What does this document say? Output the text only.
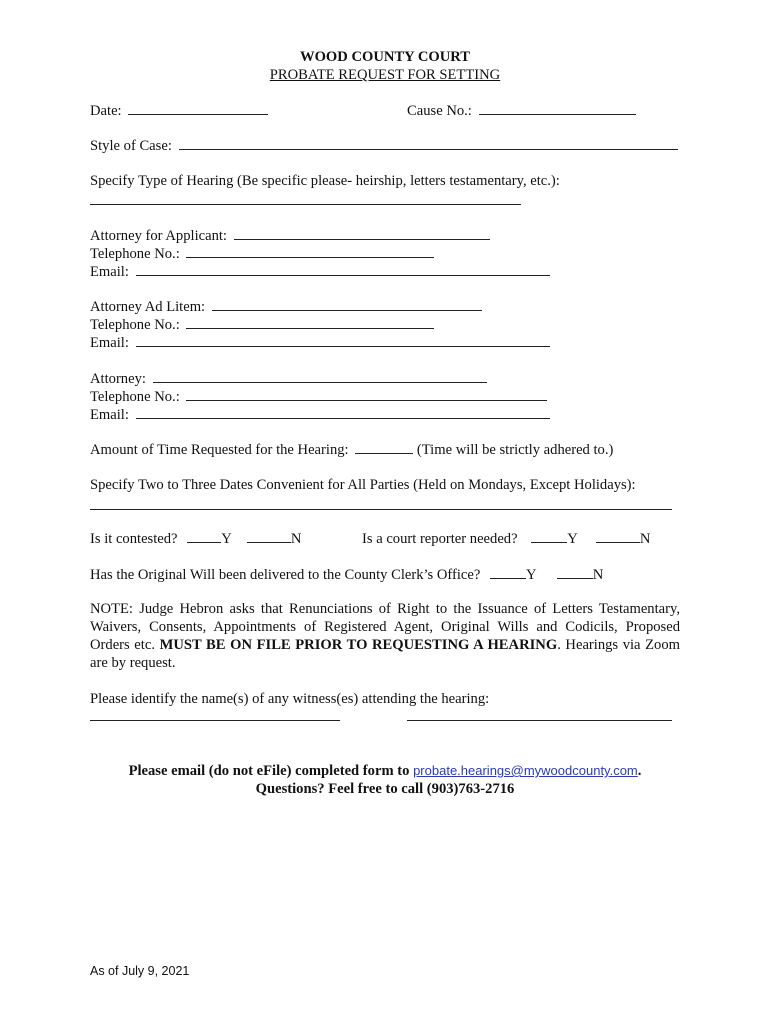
WOOD COUNTY COURT
PROBATE REQUEST FOR SETTING
Date:	Cause No.:
Style of Case:
Specify Type of Hearing (Be specific please- heirship, letters testamentary, etc.):
Attorney for Applicant:
Telephone No.:
Email:
Attorney Ad Litem:
Telephone No.:
Email:
Attorney:
Telephone No.:
Email:
Amount of Time Requested for the Hearing:	(Time will be strictly adhered to.)
Specify Two to Three Dates Convenient for All Parties (Held on Mondays, Except Holidays):
Is it contested?	Y	N	Is a court reporter needed?	Y	N
Has the Original Will been delivered to the County Clerk’s Office?	Y	N
NOTE: Judge Hebron asks that Renunciations of Right to the Issuance of Letters Testamentary, Waivers, Consents, Appointments of Registered Agent, Original Wills and Codicils, Proposed Orders etc. MUST BE ON FILE PRIOR TO REQUESTING A HEARING. Hearings via Zoom are by request.
Please identify the name(s) of any witness(es) attending the hearing:
Please email (do not eFile) completed form to probate.hearings@mywoodcounty.com.
Questions? Feel free to call (903)763-2716
As of July 9, 2021
